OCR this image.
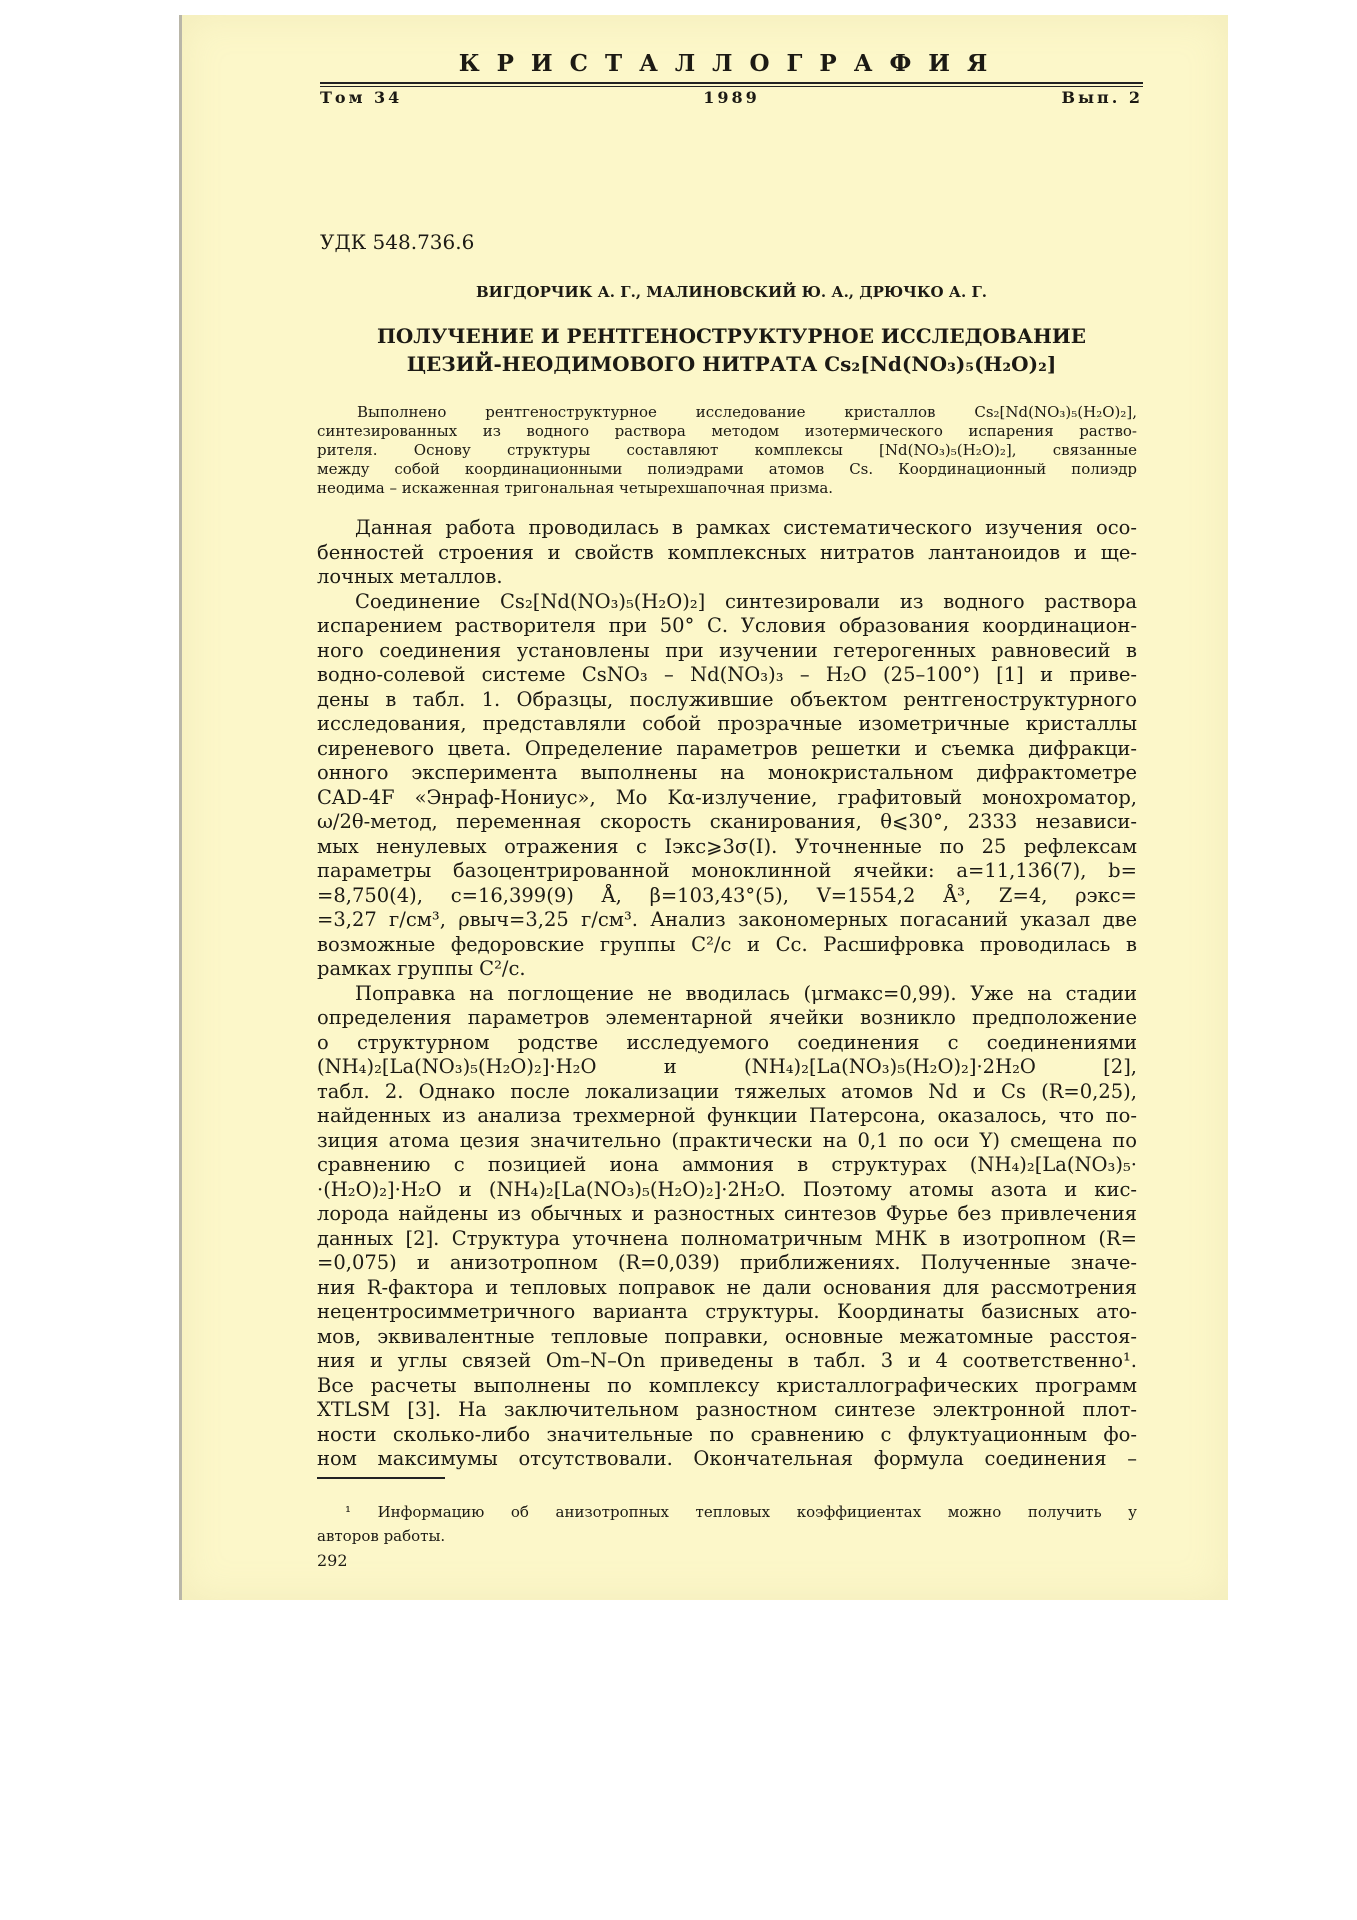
КРИСТАЛЛОГРАФИЯ
Том 34	1989	Вып. 2
УДК 548.736.6
ВИГДОРЧИК А. Г., МАЛИНОВСКИЙ Ю. А., ДРЮЧКО А. Г.
ПОЛУЧЕНИЕ И РЕНТГЕНОСТРУКТУРНОЕ ИССЛЕДОВАНИЕ
ЦЕЗИЙ-НЕОДИМОВОГО НИТРАТА Cs₂[Nd(NO₃)₅(H₂O)₂]
Выполнено рентгеноструктурное исследование кристаллов Cs₂[Nd(NO₃)₅(H₂O)₂],
синтезированных из водного раствора методом изотермического испарения раство-
рителя. Основу структуры составляют комплексы [Nd(NO₃)₅(H₂O)₂], связанные
между собой координационными полиэдрами атомов Cs. Координационный полиэдр
неодима – искаженная тригональная четырехшапочная призма.
Данная работа проводилась в рамках систематического изучения осо-
бенностей строения и свойств комплексных нитратов лантаноидов и ще-
лочных металлов.
Соединение Cs₂[Nd(NO₃)₅(H₂O)₂] синтезировали из водного раствора
испарением растворителя при 50° С. Условия образования координацион-
ного соединения установлены при изучении гетерогенных равновесий в
водно-солевой системе CsNO₃ – Nd(NO₃)₃ – H₂O (25–100°) [1] и приве-
дены в табл. 1. Образцы, послужившие объектом рентгеноструктурного
исследования, представляли собой прозрачные изометричные кристаллы
сиреневого цвета. Определение параметров решетки и съемка дифракци-
онного эксперимента выполнены на монокристальном дифрактометре
CAD-4F «Энраф-Нониус», Mo Kα-излучение, графитовый монохроматор,
ω/2θ-метод, переменная скорость сканирования, θ⩽30°, 2333 независи-
мых ненулевых отражения с Iэкс⩾3σ(I). Уточненные по 25 рефлексам
параметры базоцентрированной моноклинной ячейки: a=11,136(7), b=
=8,750(4), c=16,399(9) Å, β=103,43°(5), V=1554,2 Å³, Z=4, ρэкс=
=3,27 г/см³, ρвыч=3,25 г/см³. Анализ закономерных погасаний указал две
возможные федоровские группы C²/c и Cc. Расшифровка проводилась в
рамках группы C²/c.
Поправка на поглощение не вводилась (μrмакс=0,99). Уже на стадии
определения параметров элементарной ячейки возникло предположение
о структурном родстве исследуемого соединения с соединениями
(NH₄)₂[La(NO₃)₅(H₂O)₂]·H₂O и (NH₄)₂[La(NO₃)₅(H₂O)₂]·2H₂O [2],
табл. 2. Однако после локализации тяжелых атомов Nd и Cs (R=0,25),
найденных из анализа трехмерной функции Патерсона, оказалось, что по-
зиция атома цезия значительно (практически на 0,1 по оси Y) смещена по
сравнению с позицией иона аммония в структурах (NH₄)₂[La(NO₃)₅·
·(H₂O)₂]·H₂O и (NH₄)₂[La(NO₃)₅(H₂O)₂]·2H₂O. Поэтому атомы азота и кис-
лорода найдены из обычных и разностных синтезов Фурье без привлечения
данных [2]. Структура уточнена полноматричным МНК в изотропном (R=
=0,075) и анизотропном (R=0,039) приближениях. Полученные значе-
ния R-фактора и тепловых поправок не дали основания для рассмотрения
нецентросимметричного варианта структуры. Координаты базисных ато-
мов, эквивалентные тепловые поправки, основные межатомные расстоя-
ния и углы связей Om–N–On приведены в табл. 3 и 4 соответственно¹.
Все расчеты выполнены по комплексу кристаллографических программ
XTLSM [3]. На заключительном разностном синтезе электронной плот-
ности сколько-либо значительные по сравнению с флуктуационным фо-
ном максимумы отсутствовали. Окончательная формула соединения –
¹ Информацию об анизотропных тепловых коэффициентах можно получить у
авторов работы.
292
